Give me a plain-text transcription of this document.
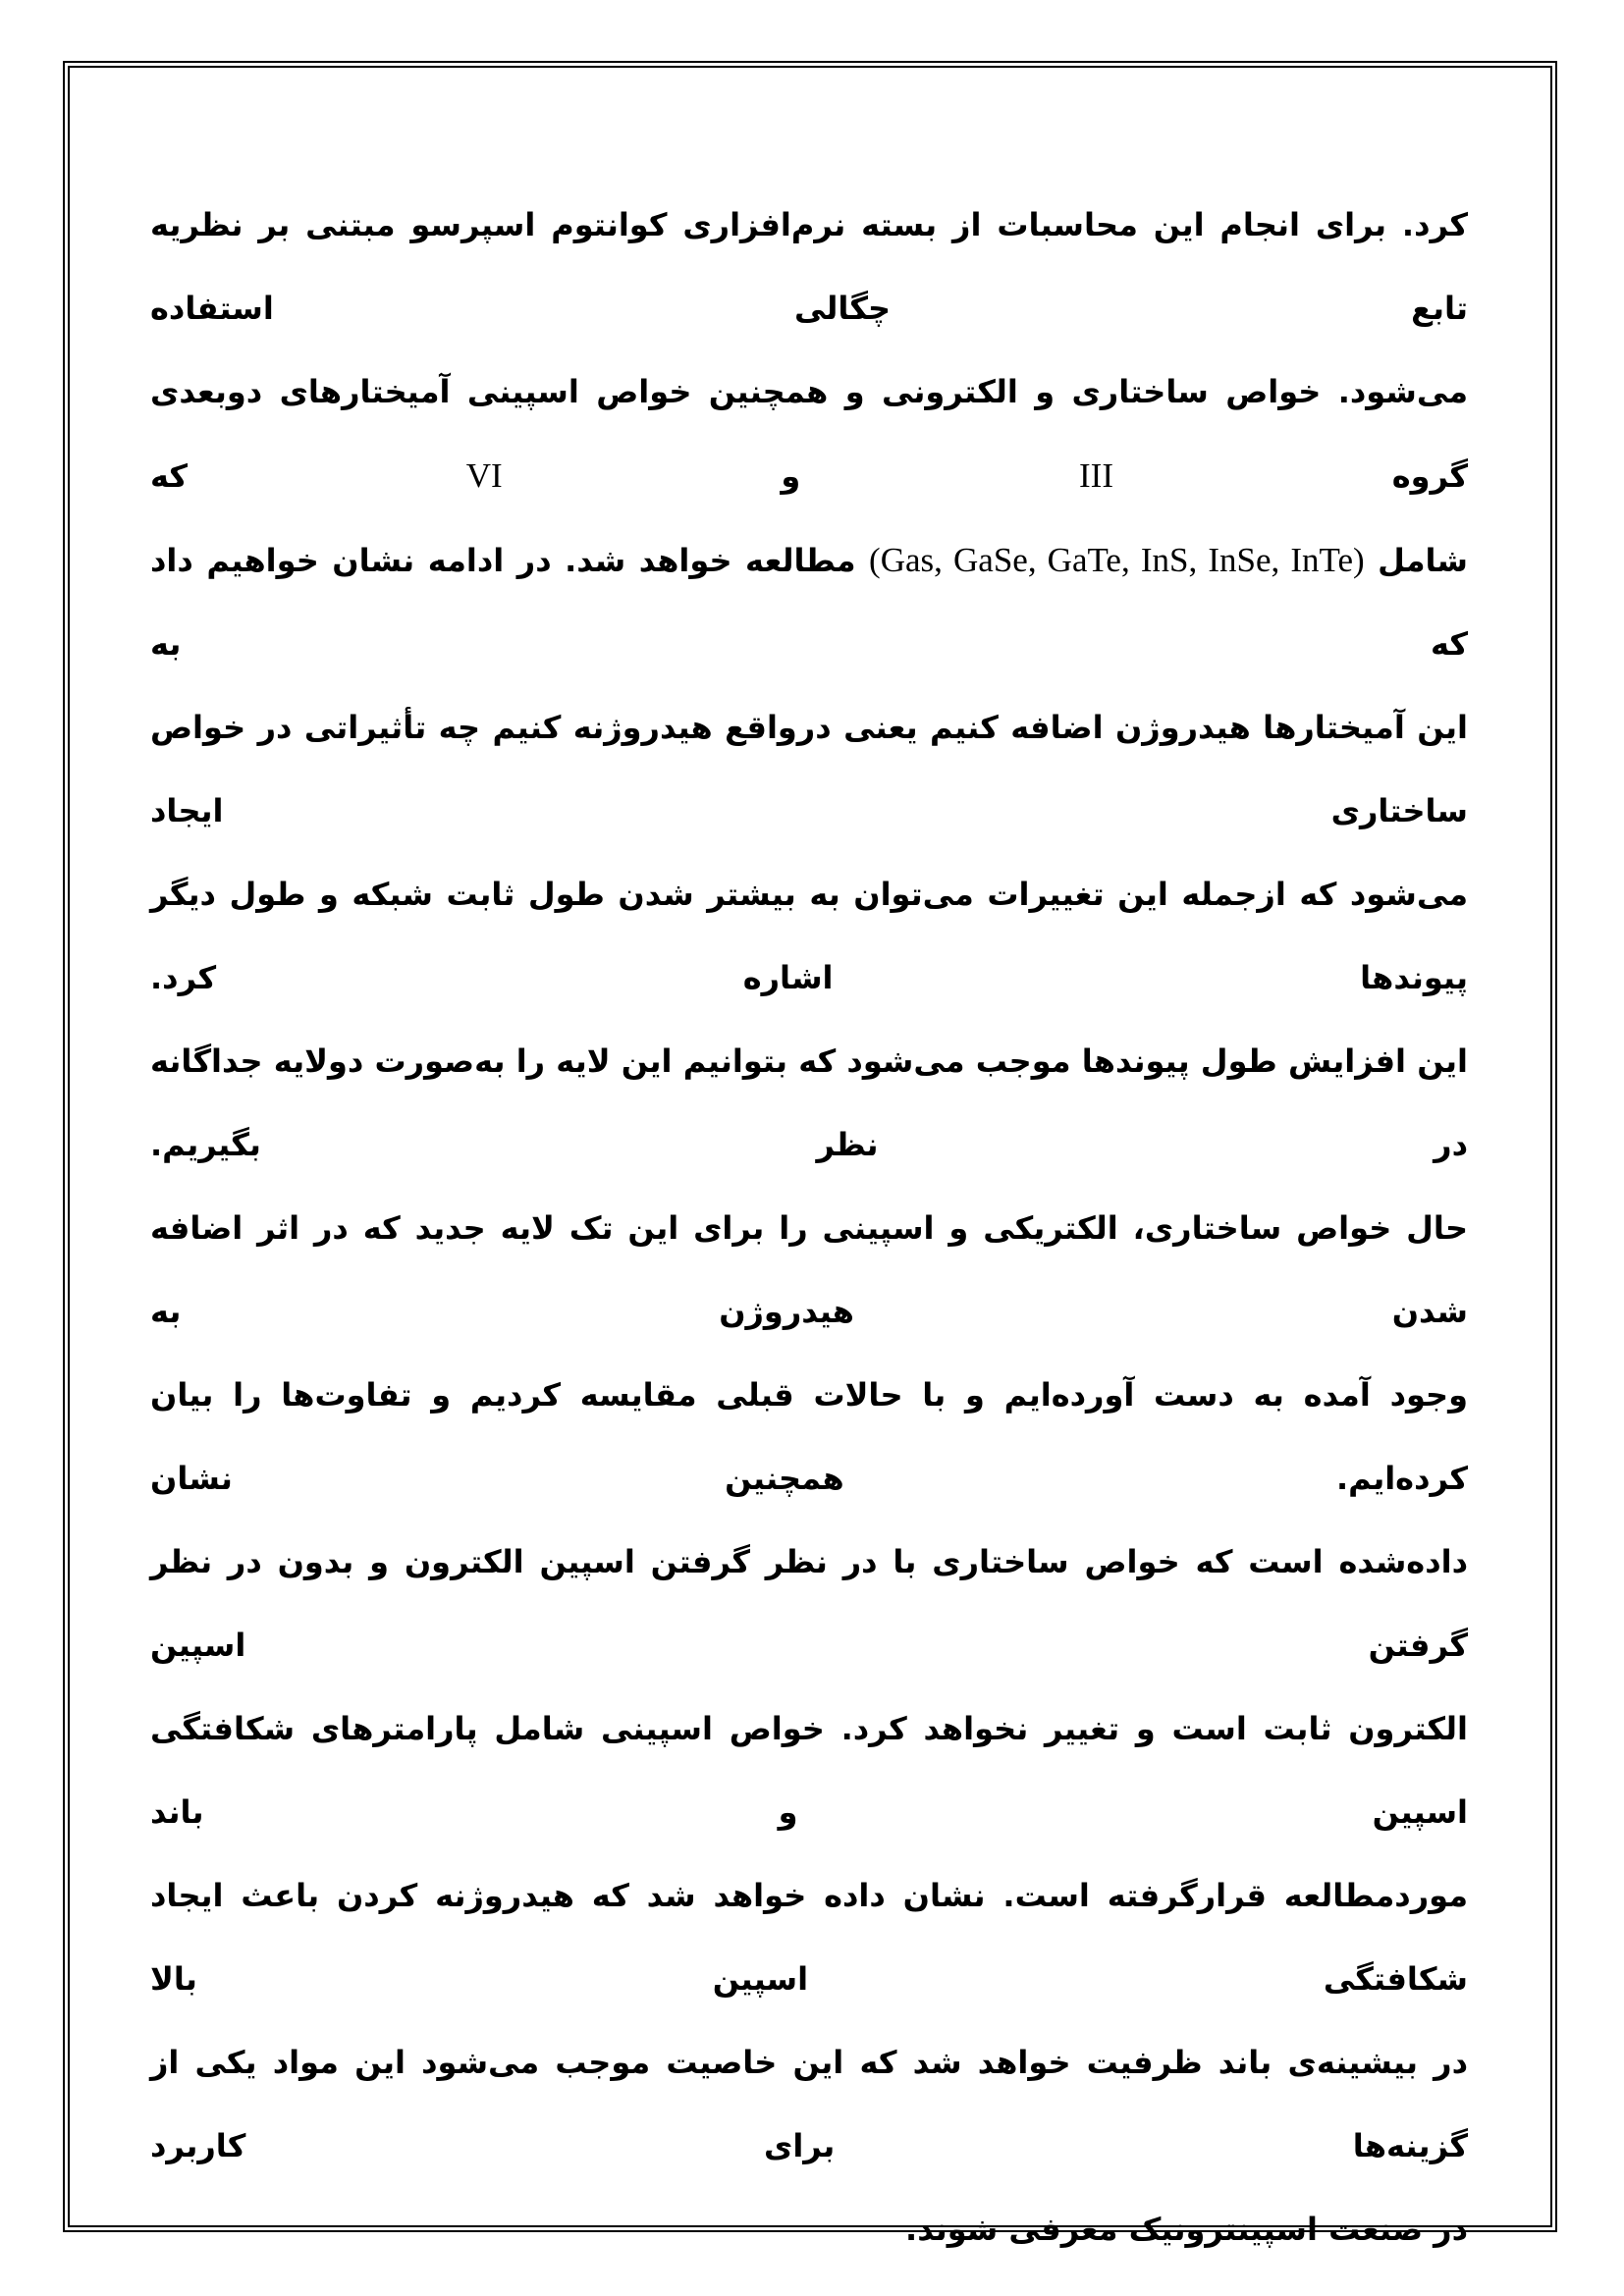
کرد. برای انجام این محاسبات از بسته نرم‌افزاری کوانتوم اسپرسو مبتنی بر نظریه تابع چگالی استفاده
می‌شود. خواص ساختاری و الکترونی و همچنین خواص اسپینی آمیختارهای دوبعدی گروه III و VI که
شامل (Gas, GaSe, GaTe, InS, InSe, InTe) مطالعه خواهد شد. در ادامه نشان خواهیم داد که به
این آمیختارها هیدروژن اضافه کنیم یعنی درواقع هیدروژنه کنیم چه تأثیراتی در خواص ساختاری ایجاد
می‌شود که ازجمله این تغییرات می‌توان به بیشتر شدن طول ثابت شبکه و طول دیگر پیوندها اشاره کرد.
این افزایش طول پیوندها موجب می‌شود که بتوانیم این لایه را به‌صورت دولایه جداگانه در نظر بگیریم.
حال خواص ساختاری، الکتریکی و اسپینی را برای این تک لایه جدید که در اثر اضافه شدن هیدروژن به
وجود آمده به دست آورده‌ایم و با حالات قبلی مقایسه کردیم و تفاوت‌ها را بیان کرده‌ایم. همچنین نشان
داده‌شده است که خواص ساختاری با در نظر گرفتن اسپین الکترون و بدون در نظر گرفتن اسپین
الکترون ثابت است و تغییر نخواهد کرد. خواص اسپینی شامل پارامترهای شکافتگی اسپین و باند
موردمطالعه قرارگرفته است. نشان داده خواهد شد که هیدروژنه کردن باعث ایجاد شکافتگی اسپین بالا
در بیشینه‌ی باند ظرفیت خواهد شد که این خاصیت موجب می‌شود این مواد یکی از گزینه‌ها برای کاربرد
در صنعت اسپینترونیک معرفی شوند.
